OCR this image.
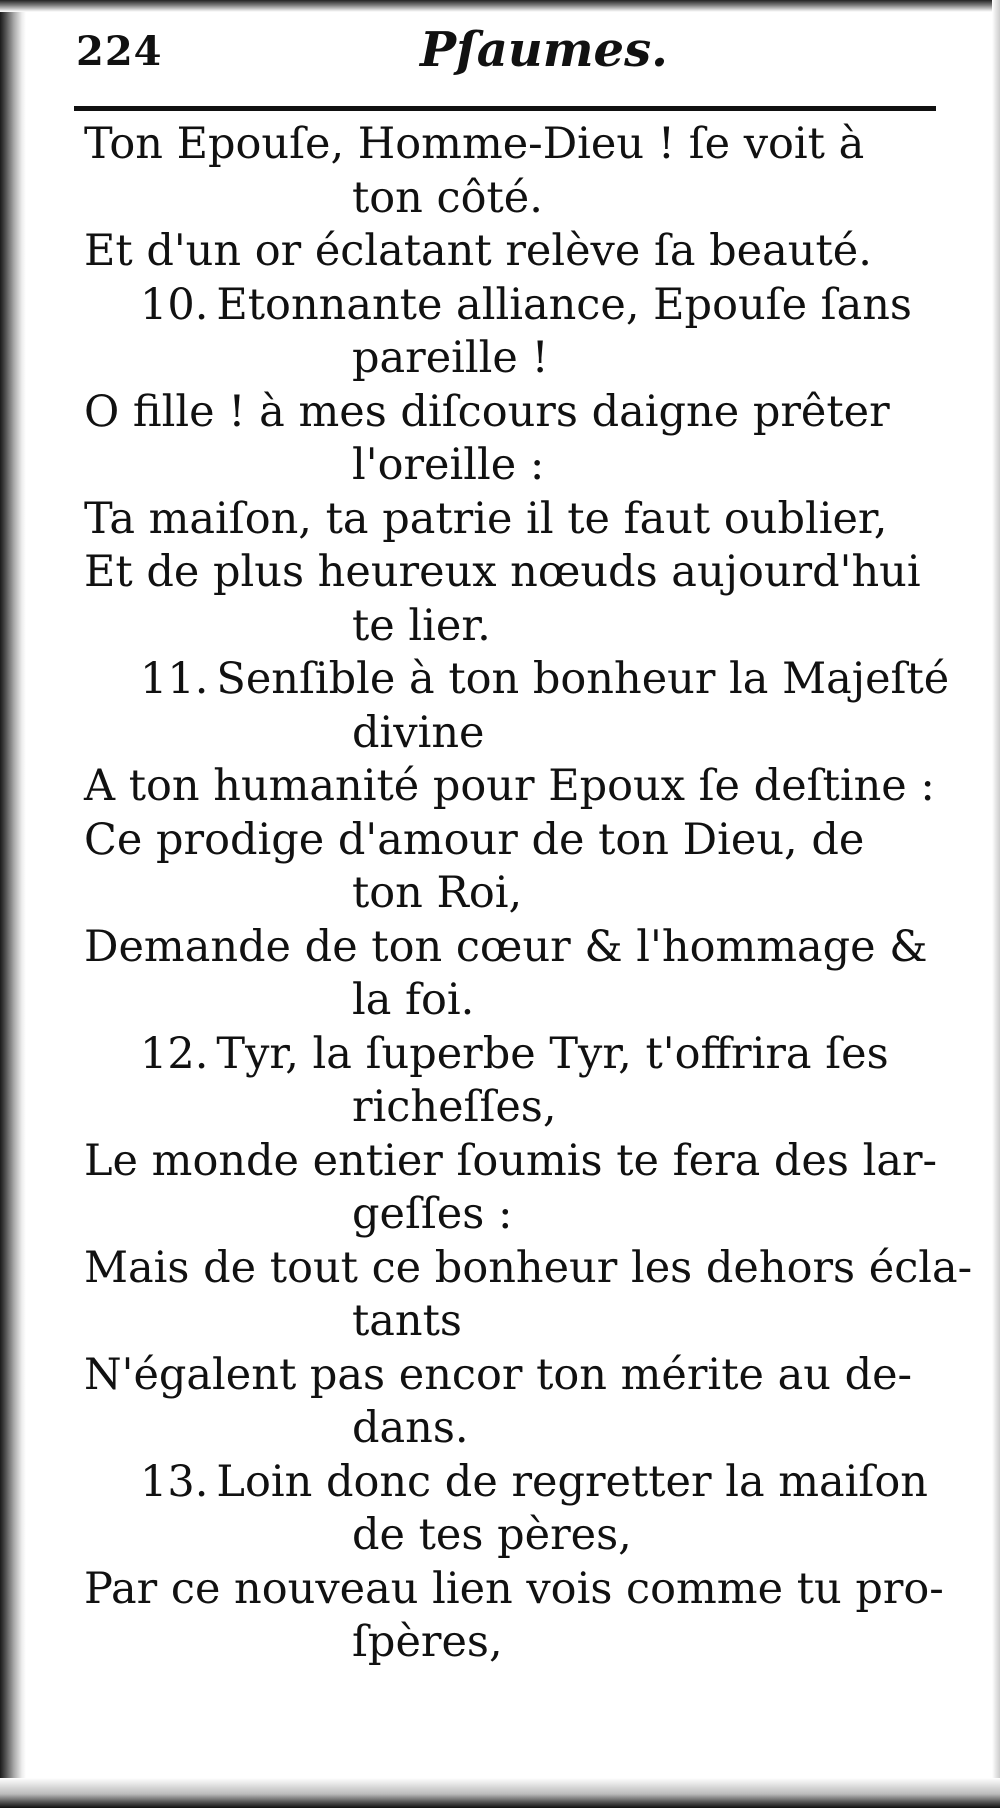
224	Pſaumes.
Ton Epouſe, Homme-Dieu ! ſe voit à
ton côté.
Et d'un or éclatant relève ſa beauté.
10. Etonnante alliance, Epouſe ſans
pareille !
O fille ! à mes diſcours daigne prêter
l'oreille :
Ta maiſon, ta patrie il te faut oublier,
Et de plus heureux nœuds aujourd'hui
te lier.
11. Senſible à ton bonheur la Majeſté
divine
A ton humanité pour Epoux ſe deſtine :
Ce prodige d'amour de ton Dieu, de
ton Roi,
Demande de ton cœur & l'hommage &
la foi.
12. Tyr, la ſuperbe Tyr, t'offrira ſes
richeſſes,
Le monde entier ſoumis te fera des lar-
geſſes :
Mais de tout ce bonheur les dehors écla-
tants
N'égalent pas encor ton mérite au de-
dans.
13. Loin donc de regretter la maiſon
de tes pères,
Par ce nouveau lien vois comme tu pro-
ſpères,
